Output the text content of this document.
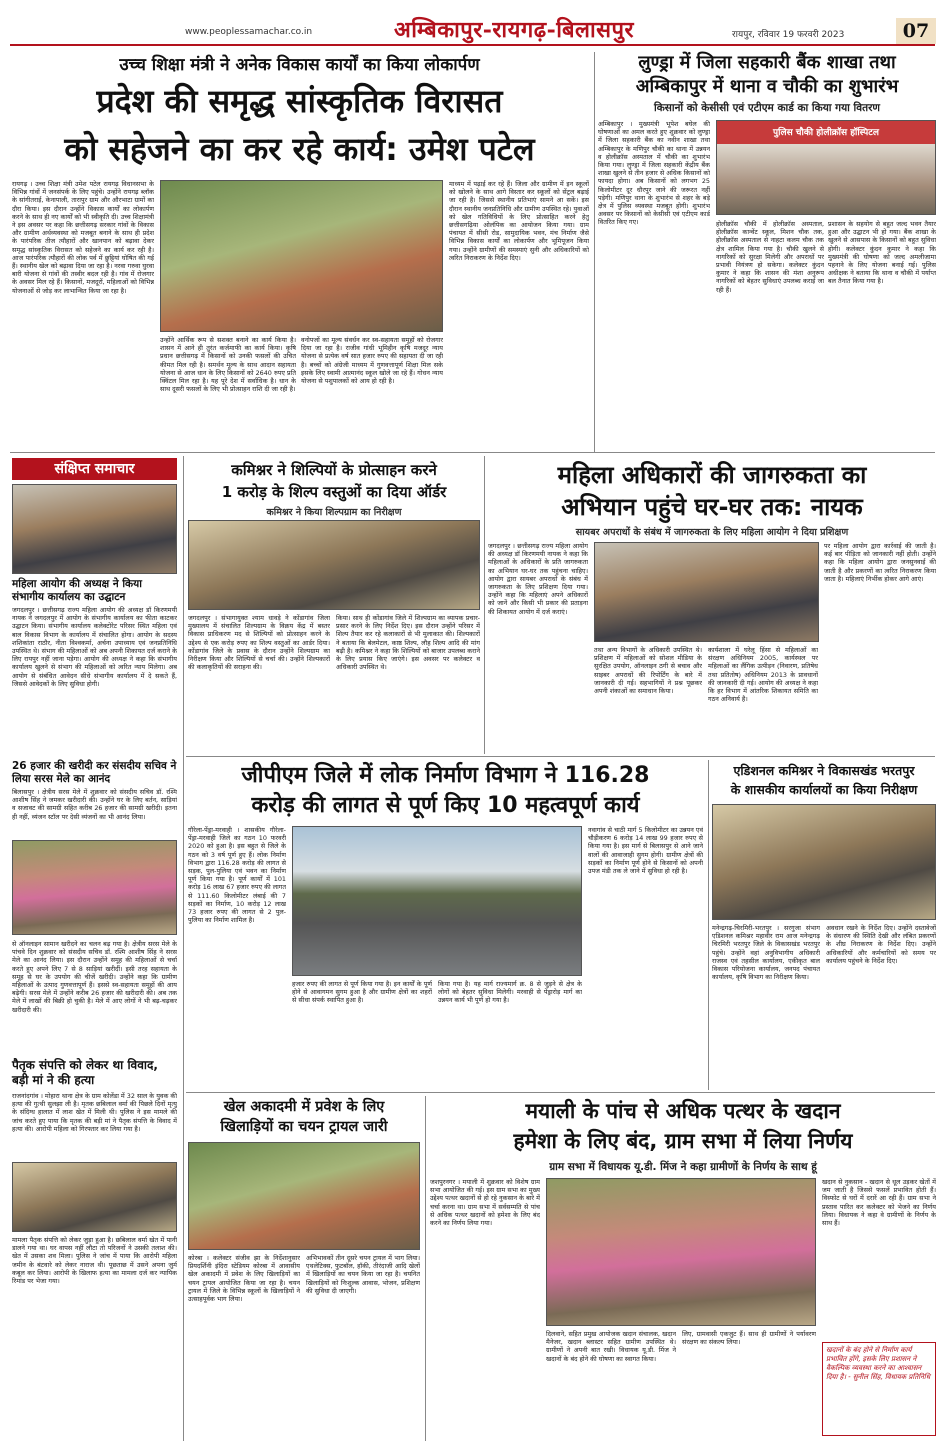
www.peoplessamachar.co.in	अम्बिकापुर-रायगढ़-बिलासपुर	रायपुर, रविवार 19 फरवरी 2023	07
उच्च शिक्षा मंत्री ने अनेक विकास कार्यों का किया लोकार्पण
प्रदेश की समृद्ध सांस्कृतिक विरासत
को सहेजने का कर रहे कार्य: उमेश पटेल
रायगढ़ । उच्च शिक्षा मंत्री उमेश पटेल रायगढ़ विधानसभा के विभिन्न गांवों में जनसंपर्क के लिए पहुंचे। उन्होंने रायगढ़ ब्लॉक के सांगीतराई, केनापाली, तारापुर ग्राम और औरभाटा ग्रामों का दौरा किया। इस दौरान उन्होंने विकास कार्यों का लोकार्पण करने के साथ ही नए कार्यों को भी स्वीकृति दी। उच्च शिक्षामंत्री ने इस अवसर पर कहा कि छत्तीसगढ़ सरकार गांवों के विकास और ग्रामीण अर्थव्यवस्था को मजबूत बनाने के साथ ही प्रदेश के पारंपरिक तीज त्यौहारों और खानपान को बढ़ावा देकर समृद्ध सांस्कृतिक विरासत को सहेजने का कार्य कर रही है। आज पारंपरिक त्यौहारों की लोक पर्व में छुट्टियां घोषित की गई हैं। स्थानीय खेल को बढ़ावा दिया जा रहा है। नरवा गरुवा घुरवा बारी योजना से गांवों की तस्वीर बदल रही है। गांव में रोजगार के अवसर मिल रहे हैं। किसानों, मजदूरों, महिलाओं को विभिन्न योजनाओं से जोड़ कर लाभान्वित किया जा रहा है।
उन्होंने आर्थिक रूप से सशक्त बनाने का कार्य किया है। शासन में आने ही तुरंत कर्जमाफी का कार्य किया। कृषि प्रधान छत्तीसगढ़ में किसानों को उनकी फसलों की उचित कीमत मिल रही है। समर्थन मूल्य के साथ आदान सहायता योजना से आज धान के लिए किसानों को 2640 रुपए प्रति क्विंटल मिल रहा है। यह पूरे देश में सर्वाधिक है। धान के साथ दूसरी फसलों के लिए भी प्रोत्साहन राशि दी जा रही है।
वनोपजों का मूल्य संवर्धन कर स्व-सहायता समूहों को रोजगार दिया जा रहा है। राजीव गांधी भूमिहीन कृषि मजदूर न्याय योजना से प्रत्येक वर्ष सात हजार रुपए की सहायता दी जा रही है। बच्चों को अंग्रेजी माध्यम में गुणवत्तापूर्ण शिक्षा मिल सके इसके लिए स्वामी आत्मानंद स्कूल खोले जा रहे हैं। गोधन न्याय योजना से पशुपालकों को आय हो रही है।
माध्यम में पढ़ाई कर रहे हैं। जिला और ग्रामीण में इन स्कूलों को खोलने के साथ आगे विस्तार कर स्कूलों को सेंट्रल बढ़ाई जा रही है। जिससे स्थानीय प्रतिभाएं सामने आ सकें। इस दौरान स्थानीय जनप्रतिनिधि और ग्रामीण उपस्थित रहे। युवाओं को खेल गतिविधियों के लिए प्रोत्साहित करने हेतु छत्तीसगढ़िया ओलंपिक का आयोजन किया गया। ग्राम पंचायत में सीसी रोड, सामुदायिक भवन, मंच निर्माण जैसे विभिन्न विकास कार्यों का लोकार्पण और भूमिपूजन किया गया। उन्होंने ग्रामीणों की समस्याएं सुनी और अधिकारियों को त्वरित निराकरण के निर्देश दिए।
लुण्ड्रा में जिला सहकारी बैंक शाखा तथा
अम्बिकापुर में थाना व चौकी का शुभारंभ
किसानों को केसीसी एवं एटीएम कार्ड का किया गया वितरण
अम्बिकापुर । मुख्यमंत्री भूपेश बघेल की घोषणाओं का अमल करते हुए शुक्रवार को लुण्ड्रा में जिला सहकारी बैंक का नवीन शाखा तथा अम्बिकापुर के मणिपुर चौकी का थाना में उन्नयन व होलीक्रॉस अस्पताल में चौकी का शुभारंभ किया गया। लुण्ड्रा में जिला सहकारी केंद्रीय बैंक शाखा खुलने से तीन हजार से अधिक किसानों को फायदा होगा। अब किसानों को लगभग 25 किलोमीटर दूर धौरपुर जाने की जरूरत नहीं पड़ेगी। मणिपुर थाना के शुभारंभ से शहर के बड़े क्षेत्र में पुलिस व्यवस्था मजबूत होगी। शुभारंभ अवसर पर किसानों को केसीसी एवं एटीएम कार्ड वितरित किए गए।
पुलिस चौकी होलीक्रॉस हॉस्पिटल
होलीक्रॉस चौकी में होलीक्रॉस अस्पताल, होलीक्रॉस कान्वेंट स्कूल, मिशन चौक तक, होलीक्रॉस अस्पताल से नाहटा कलम चौक तक क्षेत्र शामिल किया गया है। चौकी खुलने से नागरिकों को सुरक्षा मिलेगी और अपराधों पर प्रभावी नियंत्रण हो सकेगा। कलेक्टर कुंदन कुमार ने कहा कि शासन की मंशा अनुरूप नागरिकों को बेहतर सुविधाएं उपलब्ध कराई जा रही हैं।
प्रशासन के सहयोग से बहुत जल्द भवन तैयार हुआ और उद्घाटन भी हो गया। बैंक शाखा के खुलने से आसपास के किसानों को बहुत सुविधा होगी। कलेक्टर कुंदन कुमार ने कहा कि मुख्यमंत्री की घोषणा को जल्द अमलीजामा पहनाने के लिए योजना बनाई गई। पुलिस अधीक्षक ने बताया कि थाना व चौकी में पर्याप्त बल तैनात किया गया है।
संक्षिप्त समाचार
महिला आयोग की अध्यक्ष ने किया संभागीय कार्यालय का उद्घाटन
जगदलपुर । छत्तीसगढ़ राज्य महिला आयोग की अध्यक्ष डॉ किरणमयी नायक ने जगदलपुर में आयोग के संभागीय कार्यालय का फीता काटकर उद्घाटन किया। संभागीय कार्यालय कलेक्टोरेट परिसर स्थित महिला एवं बाल विकास विभाग के कार्यालय में संचालित होगा। आयोग के सदस्य शशिकांता राठौर, नीता विश्वकर्मा, अर्चना उपाध्याय एवं जनप्रतिनिधि उपस्थित थे। संभाग की महिलाओं को अब अपनी शिकायत दर्ज कराने के लिए रायपुर नहीं जाना पड़ेगा। आयोग की अध्यक्ष ने कहा कि संभागीय कार्यालय खुलने से संभाग की महिलाओं को त्वरित न्याय मिलेगा। अब आयोग से संबंधित आवेदन सीधे संभागीय कार्यालय में दे सकते हैं, जिससे आवेदकों के लिए सुविधा होगी।
26 हजार की खरीदी कर संसदीय सचिव ने लिया सरस मेले का आनंद
बिलासपुर । क्षेत्रीय सरस मेले में शुक्रवार को संसदीय सचिव डॉ. रश्मि आशीष सिंह ने जमकर खरीदारी की। उन्होंने घर के लिए बर्तन, साड़ियां व सजावट की सामग्री सहित करीब 26 हजार की सामग्री खरीदी। इतना ही नहीं, व्यंजन स्टॉल पर देसी व्यंजनों का भी आनंद लिया।
से ऑनलाइन सामान खरीदने का चलन बढ़ गया है। क्षेत्रीय सरस मेले के पांचवे दिन शुक्रवार को संसदीय सचिव डॉ. रश्मि आशीष सिंह ने सरस मेले का आनंद लिया। इस दौरान उन्होंने समूह की महिलाओं से चर्चा करते हुए अपने लिए 7 से 8 साड़ियां खरीदीं। इसी तरह सहायता के समूह से घर के उपयोग की चीजें खरीदी। उन्होंने कहा कि ग्रामीण महिलाओं के उत्पाद गुणवत्तापूर्ण हैं। इससे स्व-सहायता समूहों की आय बढ़ेगी। सरस मेले में उन्होंने करीब 26 हजार की खरीदारी की। अब तक मेले में लाखों की बिक्री हो चुकी है। मेले में आए लोगों ने भी बढ़-चढ़कर खरीदारी की।
पैतृक संपत्ति को लेकर था विवाद, बड़ी मां ने की हत्या
राजनांदगांव । मोहारा थाना क्षेत्र के ग्राम कोलेंडा में 32 साल के युवक की हत्या की गुत्थी सुलझा ली है। मृतक छबिलाल वर्मा की पिछले दिनों मृत्यु के संदिग्ध हालात में लाश खेत में मिली थी। पुलिस ने इस मामले की जांच करते हुए पाया कि मृतक की बड़ी मां ने पैतृक संपत्ति के विवाद में हत्या की। आरोपी महिला को गिरफ्तार कर लिया गया है।
मामला पैतृक संपत्ति को लेकर जुड़ा हुआ है। छबिलाल वर्मा खेत में पानी डालने गया था। घर वापस नहीं लौटा तो परिजनों ने उसकी तलाश की। खेत में उसका शव मिला। पुलिस ने जांच में पाया कि आरोपी महिला जमीन के बंटवारे को लेकर नाराज थी। पूछताछ में उसने अपना जुर्म कबूल कर लिया। आरोपी के खिलाफ हत्या का मामला दर्ज कर न्यायिक रिमांड पर भेजा गया।
कमिश्नर ने शिल्पियों के प्रोत्साहन करने
1 करोड़ के शिल्प वस्तुओं का दिया ऑर्डर
कमिश्नर ने किया शिल्पग्राम का निरीक्षण
जगदलपुर । संभागायुक्त श्याम धावड़े ने कोंडागांव जिला मुख्यालय में संचालित शिल्पग्राम के विक्रय केंद्र में बस्तर विकास प्राधिकरण मद से शिल्पियों को प्रोत्साहन करने के उद्देश्य से एक करोड़ रुपए का शिल्प वस्तुओं का आर्डर दिया। कोंडागांव जिले के प्रवास के दौरान उन्होंने शिल्पग्राम का निरीक्षण किया और शिल्पियों से चर्चा की। उन्होंने शिल्पकारों की कलाकृतियों की सराहना की।
किया। साथ ही कोंडागांव जिले में शिल्पग्राम का व्यापक प्रचार-प्रसार करने के लिए निर्देश दिए। इस दौरान उन्होंने परिसर में शिल्प तैयार कर रहे कलाकारों से भी मुलाकात की। शिल्पकारों ने बताया कि बेलमेटल, काष्ठ शिल्प, लौह शिल्प आदि की मांग बढ़ी है। कमिश्नर ने कहा कि शिल्पियों को बाजार उपलब्ध कराने के लिए प्रयास किए जाएंगे। इस अवसर पर कलेक्टर व अधिकारी उपस्थित थे।
महिला अधिकारों की जागरुकता का
अभियान पहुंचे घर-घर तक: नायक
सायबर अपराधों के संबंध में जागरुकता के लिए महिला आयोग ने दिया प्रशिक्षण
जगदलपुर । छत्तीसगढ़ राज्य महिला आयोग की अध्यक्ष डॉ किरणमयी नायक ने कहा कि महिलाओं के अधिकारों के प्रति जागरुकता का अभियान घर-घर तक पहुंचना चाहिए। आयोग द्वारा सायबर अपराधों के संबंध में जागरुकता के लिए प्रशिक्षण दिया गया। उन्होंने कहा कि महिलाएं अपने अधिकारों को जानें और किसी भी प्रकार की प्रताड़ना की शिकायत आयोग में दर्ज कराएं।
तथा अन्य विभागों के अधिकारी उपस्थित थे। प्रशिक्षण में महिलाओं को सोशल मीडिया के सुरक्षित उपयोग, ऑनलाइन ठगी से बचाव और साइबर अपराधों की रिपोर्टिंग के बारे में जानकारी दी गई। सहभागियों ने प्रश्न पूछकर अपनी शंकाओं का समाधान किया।
कार्यशाला में घरेलू हिंसा से महिलाओं का संरक्षण अधिनियम 2005, कार्यस्थल पर महिलाओं का लैंगिक उत्पीड़न (निवारण, प्रतिषेध तथा प्रतितोष) अधिनियम 2013 के प्रावधानों की जानकारी दी गई। आयोग की अध्यक्ष ने कहा कि हर विभाग में आंतरिक शिकायत समिति का गठन अनिवार्य है।
पर महिला आयोग द्वारा कार्रवाई की जाती है। कई बार पीड़िता को जानकारी नहीं होती। उन्होंने कहा कि महिला आयोग द्वारा जनसुनवाई की जाती है और प्रकरणों का त्वरित निराकरण किया जाता है। महिलाएं निर्भीक होकर आगे आएं।
जीपीएम जिले में लोक निर्माण विभाग ने 116.28
करोड़ की लागत से पूर्ण किए 10 महत्वपूर्ण कार्य
गौरेला-पेंड्रा-मरवाही । शासकीय गौरेला-पेंड्रा-मरवाही जिले का गठन 10 फरवरी 2020 को हुआ है। इस बहुत से जिले के गठन को 3 वर्ष पूर्ण हुए हैं। लोक निर्माण विभाग द्वारा 116.28 करोड़ की लागत से सड़क, पुल-पुलिया एवं भवन का निर्माण पूर्ण किया गया है। पूर्ण कार्यों में 101 करोड़ 16 लाख 67 हजार रुपए की लागत से 111.60 किलोमीटर लंबाई की 7 सड़कों का निर्माण, 10 करोड़ 12 लाख 73 हजार रुपए की लागत से 2 पुल-पुलिया का निर्माण शामिल है।
हजार रुपए की लागत से पूर्ण किया गया है। इन कार्यों के पूर्ण होने से आवागमन सुगम हुआ है और ग्रामीण क्षेत्रों का शहरों से सीधा संपर्क स्थापित हुआ है।
किया गया है। यह मार्ग राज्यमार्ग क्र. 8 से जुड़ने से क्षेत्र के लोगों को बेहतर सुविधा मिलेगी। मरवाही से पेंड्रारोड़ मार्ग का उन्नयन कार्य भी पूर्ण हो गया है।
नवागांव से चाठी मार्ग 5 किलोमीटर का उन्नयन एवं चौड़ीकरण 6 करोड़ 14 लाख 99 हजार रुपए से किया गया है। इस मार्ग से बिलासपुर से आने जाने वालों की आवाजाही सुगम होगी। ग्रामीण क्षेत्रों की सड़कों का निर्माण पूर्ण होने से किसानों को अपनी उपज मंडी तक ले जाने में सुविधा हो रही है।
एडिशनल कमिश्नर ने विकासखंड भरतपुर
के शासकीय कार्यालयों का किया निरीक्षण
मनेन्द्रगढ़-चिरमिरी-भरतपुर । सरगुजा संभाग एडिशनल कमिश्नर महावीर राम आज मनेन्द्रगढ़ चिरमिरी भरतपुर जिले के विकासखंड भरतपुर पहुंचे। उन्होंने वहां अनुविभागीय अधिकारी राजस्व एवं तहसील कार्यालय, एकीकृत बाल विकास परियोजना कार्यालय, जनपद पंचायत कार्यालय, कृषि विभाग का निरीक्षण किया।
अवधान रखने के निर्देश दिए। उन्होंने दस्तावेजों के संधारण की स्थिति देखी और लंबित प्रकरणों के शीघ्र निराकरण के निर्देश दिए। उन्होंने अधिकारियों और कर्मचारियों को समय पर कार्यालय पहुंचने के निर्देश दिए।
खेल अकादमी में प्रवेश के लिए
खिलाड़ियों का चयन ट्रायल जारी
कोरबा । कलेक्टर संजीव झा के निर्देशानुसार प्रियदर्शिनी इंदिरा स्टेडियम कोरबा में आवासीय खेल अकादमी में प्रवेश के लिए खिलाड़ियों का चयन ट्रायल आयोजित किया जा रहा है। चयन ट्रायल में जिले के विभिन्न स्कूलों के खिलाड़ियों ने उत्साहपूर्वक भाग लिया।
अभिभावकों तीन दूसरे चयन ट्रायल में भाग लिया। एथलेटिक्स, फुटबॉल, हॉकी, तीरंदाजी आदि खेलों में खिलाड़ियों का चयन किया जा रहा है। चयनित खिलाड़ियों को निःशुल्क आवास, भोजन, प्रशिक्षण की सुविधा दी जाएगी।
मयाली के पांच से अधिक पत्थर के खदान
हमेशा के लिए बंद, ग्राम सभा में लिया निर्णय
ग्राम सभा में विधायक यू.डी. मिंज ने कहा ग्रामीणों के निर्णय के साथ हूं
जशपुरनगर । मयाली में शुक्रवार को विशेष ग्राम सभा आयोजित की गई। इस ग्राम सभा का मुख्य उद्देश्य पत्थर खदानों से हो रहे नुकसान के बारे में चर्चा करना था। ग्राम सभा में सर्वसम्मति से पांच से अधिक पत्थर खदानों को हमेशा के लिए बंद करने का निर्णय लिया गया।
दिलवाने, सहित प्रमुख आयोजक खदान संचालक, खदान मैनेजर, खदान ब्लास्टर सहित ग्रामीण उपस्थित थे। ग्रामीणों ने अपनी बात रखी। विधायक यू.डी. मिंज ने खदानों के बंद होने की घोषणा का स्वागत किया।
लिए, ग्रामवासी एकजुट हैं। साथ ही ग्रामीणों ने पर्यावरण संरक्षण का संकल्प लिया।
खदान से नुकसान - खदान से धूल उड़कर खेतों में जम जाती है जिससे फसलें प्रभावित होती हैं। विस्फोट से घरों में दरारें आ रही हैं। ग्राम सभा ने प्रस्ताव पारित कर कलेक्टर को भेजने का निर्णय लिया। विधायक ने कहा वे ग्रामीणों के निर्णय के साथ हैं।
खदानों के बंद होने से निर्माण कार्य प्रभावित होंगे, इसके लिए प्रशासन ने वैकल्पिक व्यवस्था करने का आश्वासन दिया है। - सुनील सिंह, विधायक प्रतिनिधि
